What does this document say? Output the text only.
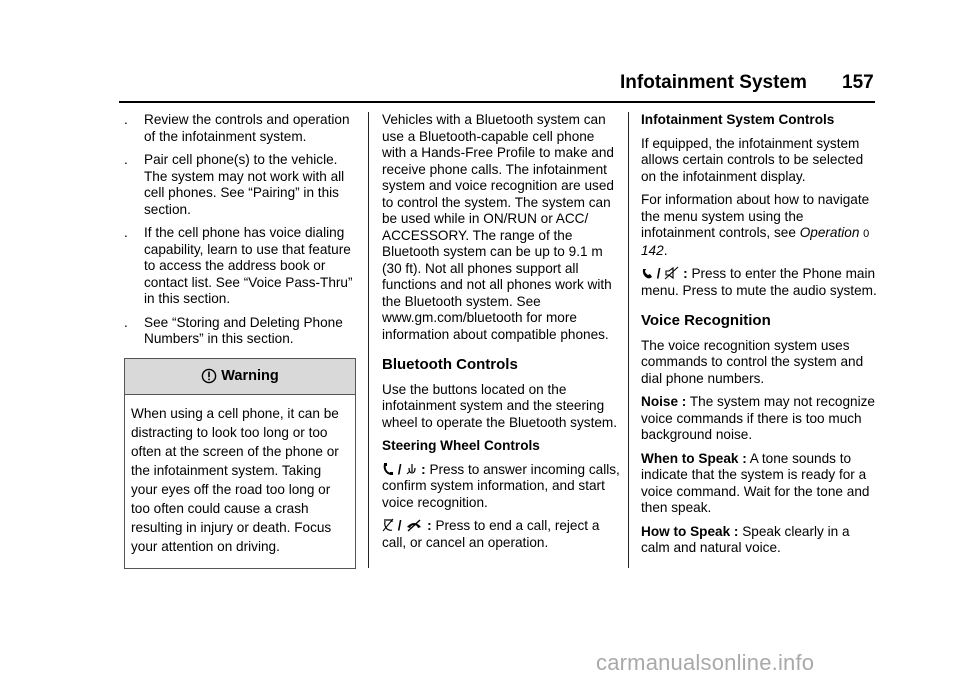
Infotainment System 157
. Review the controls and operation of the infotainment system.
. Pair cell phone(s) to the vehicle. The system may not work with all cell phones. See “Pairing” in this section.
. If the cell phone has voice dialing capability, learn to use that feature to access the address book or contact list. See “Voice Pass-Thru” in this section.
. See “Storing and Deleting Phone Numbers” in this section.
Warning
When using a cell phone, it can be distracting to look too long or too often at the screen of the phone or the infotainment system. Taking your eyes off the road too long or too often could cause a crash resulting in injury or death. Focus your attention on driving.

Vehicles with a Bluetooth system can use a Bluetooth-capable cell phone with a Hands-Free Profile to make and receive phone calls. The infotainment system and voice recognition are used to control the system. The system can be used while in ON/RUN or ACC/ ACCESSORY. The range of the Bluetooth system can be up to 9.1 m (30 ft). Not all phones support all functions and not all phones work with the Bluetooth system. See www.gm.com/bluetooth for more information about compatible phones.

Bluetooth Controls

Use the buttons located on the infotainment system and the steering wheel to operate the Bluetooth system.

Steering Wheel Controls

/ : Press to answer incoming calls, confirm system information, and start voice recognition.

/ : Press to end a call, reject a call, or cancel an operation.

Infotainment System Controls

If equipped, the infotainment system allows certain controls to be selected on the infotainment display.

For information about how to navigate the menu system using the infotainment controls, see Operation 0 142.

/ : Press to enter the Phone main menu. Press to mute the audio system.

Voice Recognition

The voice recognition system uses commands to control the system and dial phone numbers.

Noise : The system may not recognize voice commands if there is too much background noise.

When to Speak : A tone sounds to indicate that the system is ready for a voice command. Wait for the tone and then speak.

How to Speak : Speak clearly in a calm and natural voice.

carmanualsonline.info
